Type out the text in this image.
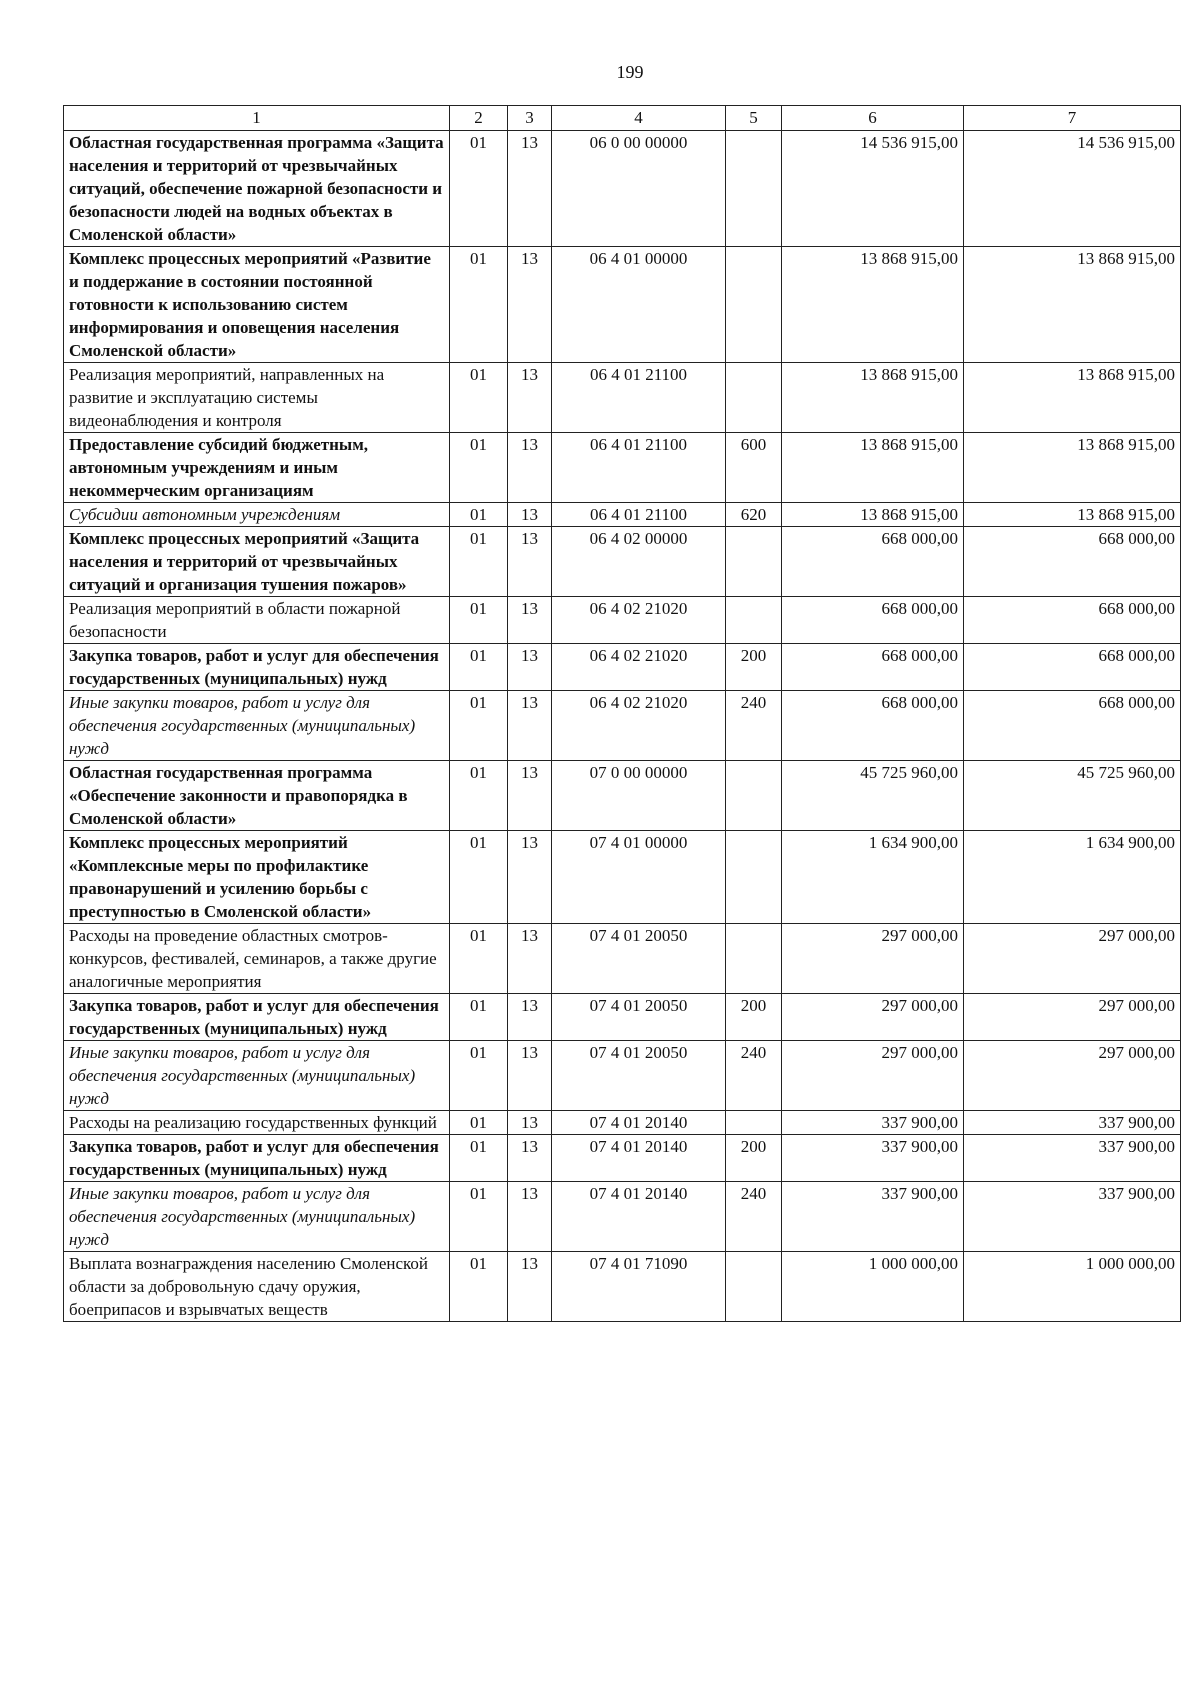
199
1	2	3	4	5	6	7
Областная государственная программа «Защита населения и территорий от чрезвычайных ситуаций, обеспечение пожарной безопасности и безопасности людей на водных объектах в Смоленской области»	01	13	06 0 00 00000		14 536 915,00	14 536 915,00
Комплекс процессных мероприятий «Развитие и поддержание в состоянии постоянной готовности к использованию систем информирования и оповещения населения Смоленской области»	01	13	06 4 01 00000		13 868 915,00	13 868 915,00
Реализация мероприятий, направленных на развитие и эксплуатацию системы видеонаблюдения и контроля	01	13	06 4 01 21100		13 868 915,00	13 868 915,00
Предоставление субсидий бюджетным, автономным учреждениям и иным некоммерческим организациям	01	13	06 4 01 21100	600	13 868 915,00	13 868 915,00
Субсидии автономным учреждениям	01	13	06 4 01 21100	620	13 868 915,00	13 868 915,00
Комплекс процессных мероприятий «Защита населения и территорий от чрезвычайных ситуаций и организация тушения пожаров»	01	13	06 4 02 00000		668 000,00	668 000,00
Реализация мероприятий в области пожарной безопасности	01	13	06 4 02 21020		668 000,00	668 000,00
Закупка товаров, работ и услуг для обеспечения государственных (муниципальных) нужд	01	13	06 4 02 21020	200	668 000,00	668 000,00
Иные закупки товаров, работ и услуг для обеспечения государственных (муниципальных) нужд	01	13	06 4 02 21020	240	668 000,00	668 000,00
Областная государственная программа «Обеспечение законности и правопорядка в Смоленской области»	01	13	07 0 00 00000		45 725 960,00	45 725 960,00
Комплекс процессных мероприятий «Комплексные меры по профилактике правонарушений и усилению борьбы с преступностью в Смоленской области»	01	13	07 4 01 00000		1 634 900,00	1 634 900,00
Расходы на проведение областных смотров-конкурсов, фестивалей, семинаров, а также другие аналогичные мероприятия	01	13	07 4 01 20050		297 000,00	297 000,00
Закупка товаров, работ и услуг для обеспечения государственных (муниципальных) нужд	01	13	07 4 01 20050	200	297 000,00	297 000,00
Иные закупки товаров, работ и услуг для обеспечения государственных (муниципальных) нужд	01	13	07 4 01 20050	240	297 000,00	297 000,00
Расходы на реализацию государственных функций	01	13	07 4 01 20140		337 900,00	337 900,00
Закупка товаров, работ и услуг для обеспечения государственных (муниципальных) нужд	01	13	07 4 01 20140	200	337 900,00	337 900,00
Иные закупки товаров, работ и услуг для обеспечения государственных (муниципальных) нужд	01	13	07 4 01 20140	240	337 900,00	337 900,00
Выплата вознаграждения населению Смоленской области за добровольную сдачу оружия, боеприпасов и взрывчатых веществ	01	13	07 4 01 71090		1 000 000,00	1 000 000,00
